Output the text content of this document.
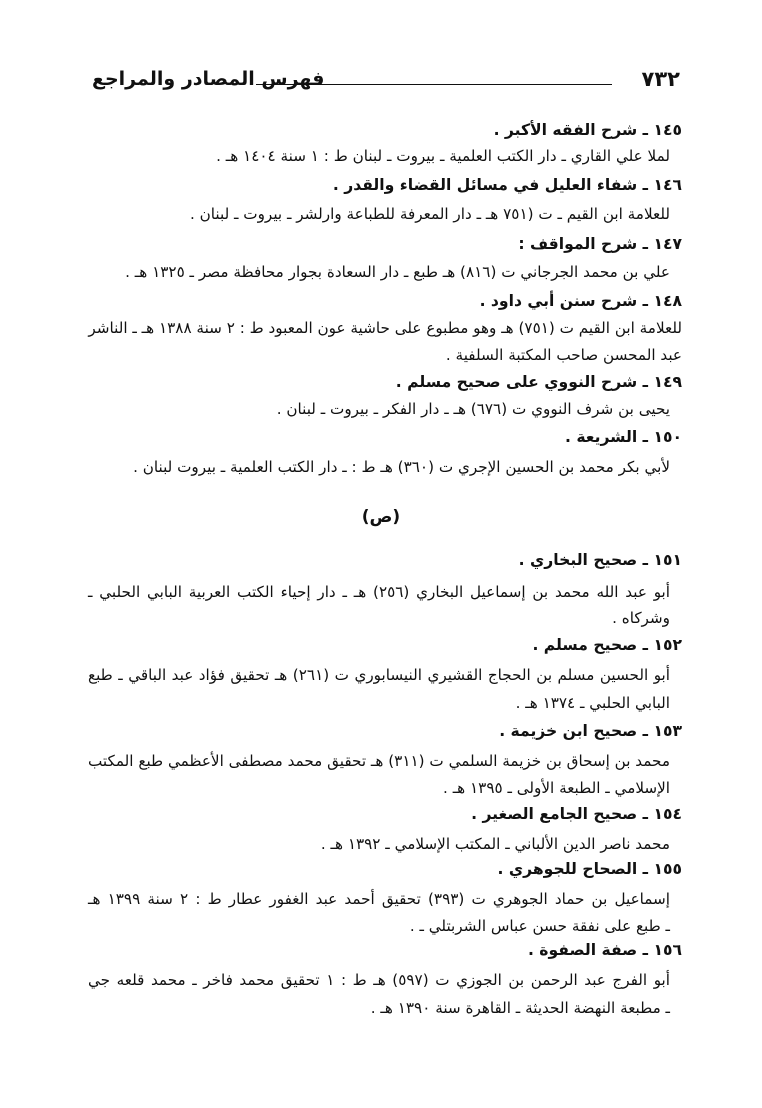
٧٣٢
فهرس المصادر والمراجع
١٤٥ ـ شرح الفقه الأكبر .
لملا علي القاري ـ دار الكتب العلمية ـ بيروت ـ لبنان ط : ١ سنة ١٤٠٤ هـ .
١٤٦ ـ شفاء العليل في مسائل القضاء والقدر .
للعلامة ابن القيم ـ ت (٧٥١ هـ ـ دار المعرفة للطباعة وارلشر ـ بيروت ـ لبنان .
١٤٧ ـ شرح المواقف :
علي بن محمد الجرجاني ت (٨١٦) هـ طبع ـ دار السعادة بجوار محافظة مصر ـ ١٣٢٥ هـ .
١٤٨ ـ شرح سنن أبي داود .
للعلامة ابن القيم ت (٧٥١) هـ وهو مطبوع على حاشية عون المعبود ط : ٢ سنة ١٣٨٨ هـ ـ الناشر
عبد المحسن صاحب المكتبة السلفية .
١٤٩ ـ شرح النووي على صحيح مسلم .
يحيى بن شرف النووي ت (٦٧٦) هـ ـ دار الفكر ـ بيروت ـ لبنان .
١٥٠ ـ الشريعة .
لأبي بكر محمد بن الحسين الإجري ت (٣٦٠) هـ ط : ـ دار الكتب العلمية ـ بيروت لبنان .
(ص)
١٥١ ـ صحيح البخاري .
أبو عبد الله محمد بن إسماعيل البخاري (٢٥٦) هـ ـ دار إحياء الكتب العربية البابي الحلبي ـ
وشركاه .
١٥٢ ـ صحيح مسلم .
أبو الحسين مسلم بن الحجاج القشيري النيسابوري ت (٢٦١) هـ تحقيق فؤاد عبد الباقي ـ طبع
البابي الحلبي ـ ١٣٧٤ هـ .
١٥٣ ـ صحيح ابن خزيمة .
محمد بن إسحاق بن خزيمة السلمي ت (٣١١) هـ تحقيق محمد مصطفى الأعظمي طبع المكتب
الإسلامي ـ الطبعة الأولى ـ ١٣٩٥ هـ .
١٥٤ ـ صحيح الجامع الصغير .
محمد ناصر الدين الألباني ـ المكتب الإسلامي ـ ١٣٩٢ هـ .
١٥٥ ـ الصحاح للجوهري .
إسماعيل بن حماد الجوهري ت (٣٩٣) تحقيق أحمد عبد الغفور عطار ط : ٢ سنة ١٣٩٩ هـ
ـ طبع على نفقة حسن عباس الشربتلي ـ .
١٥٦ ـ صفة الصفوة .
أبو الفرج عبد الرحمن بن الجوزي ت (٥٩٧) هـ ط : ١ تحقيق محمد فاخر ـ محمد قلعه جي
ـ مطبعة النهضة الحديثة ـ القاهرة سنة ١٣٩٠ هـ .
